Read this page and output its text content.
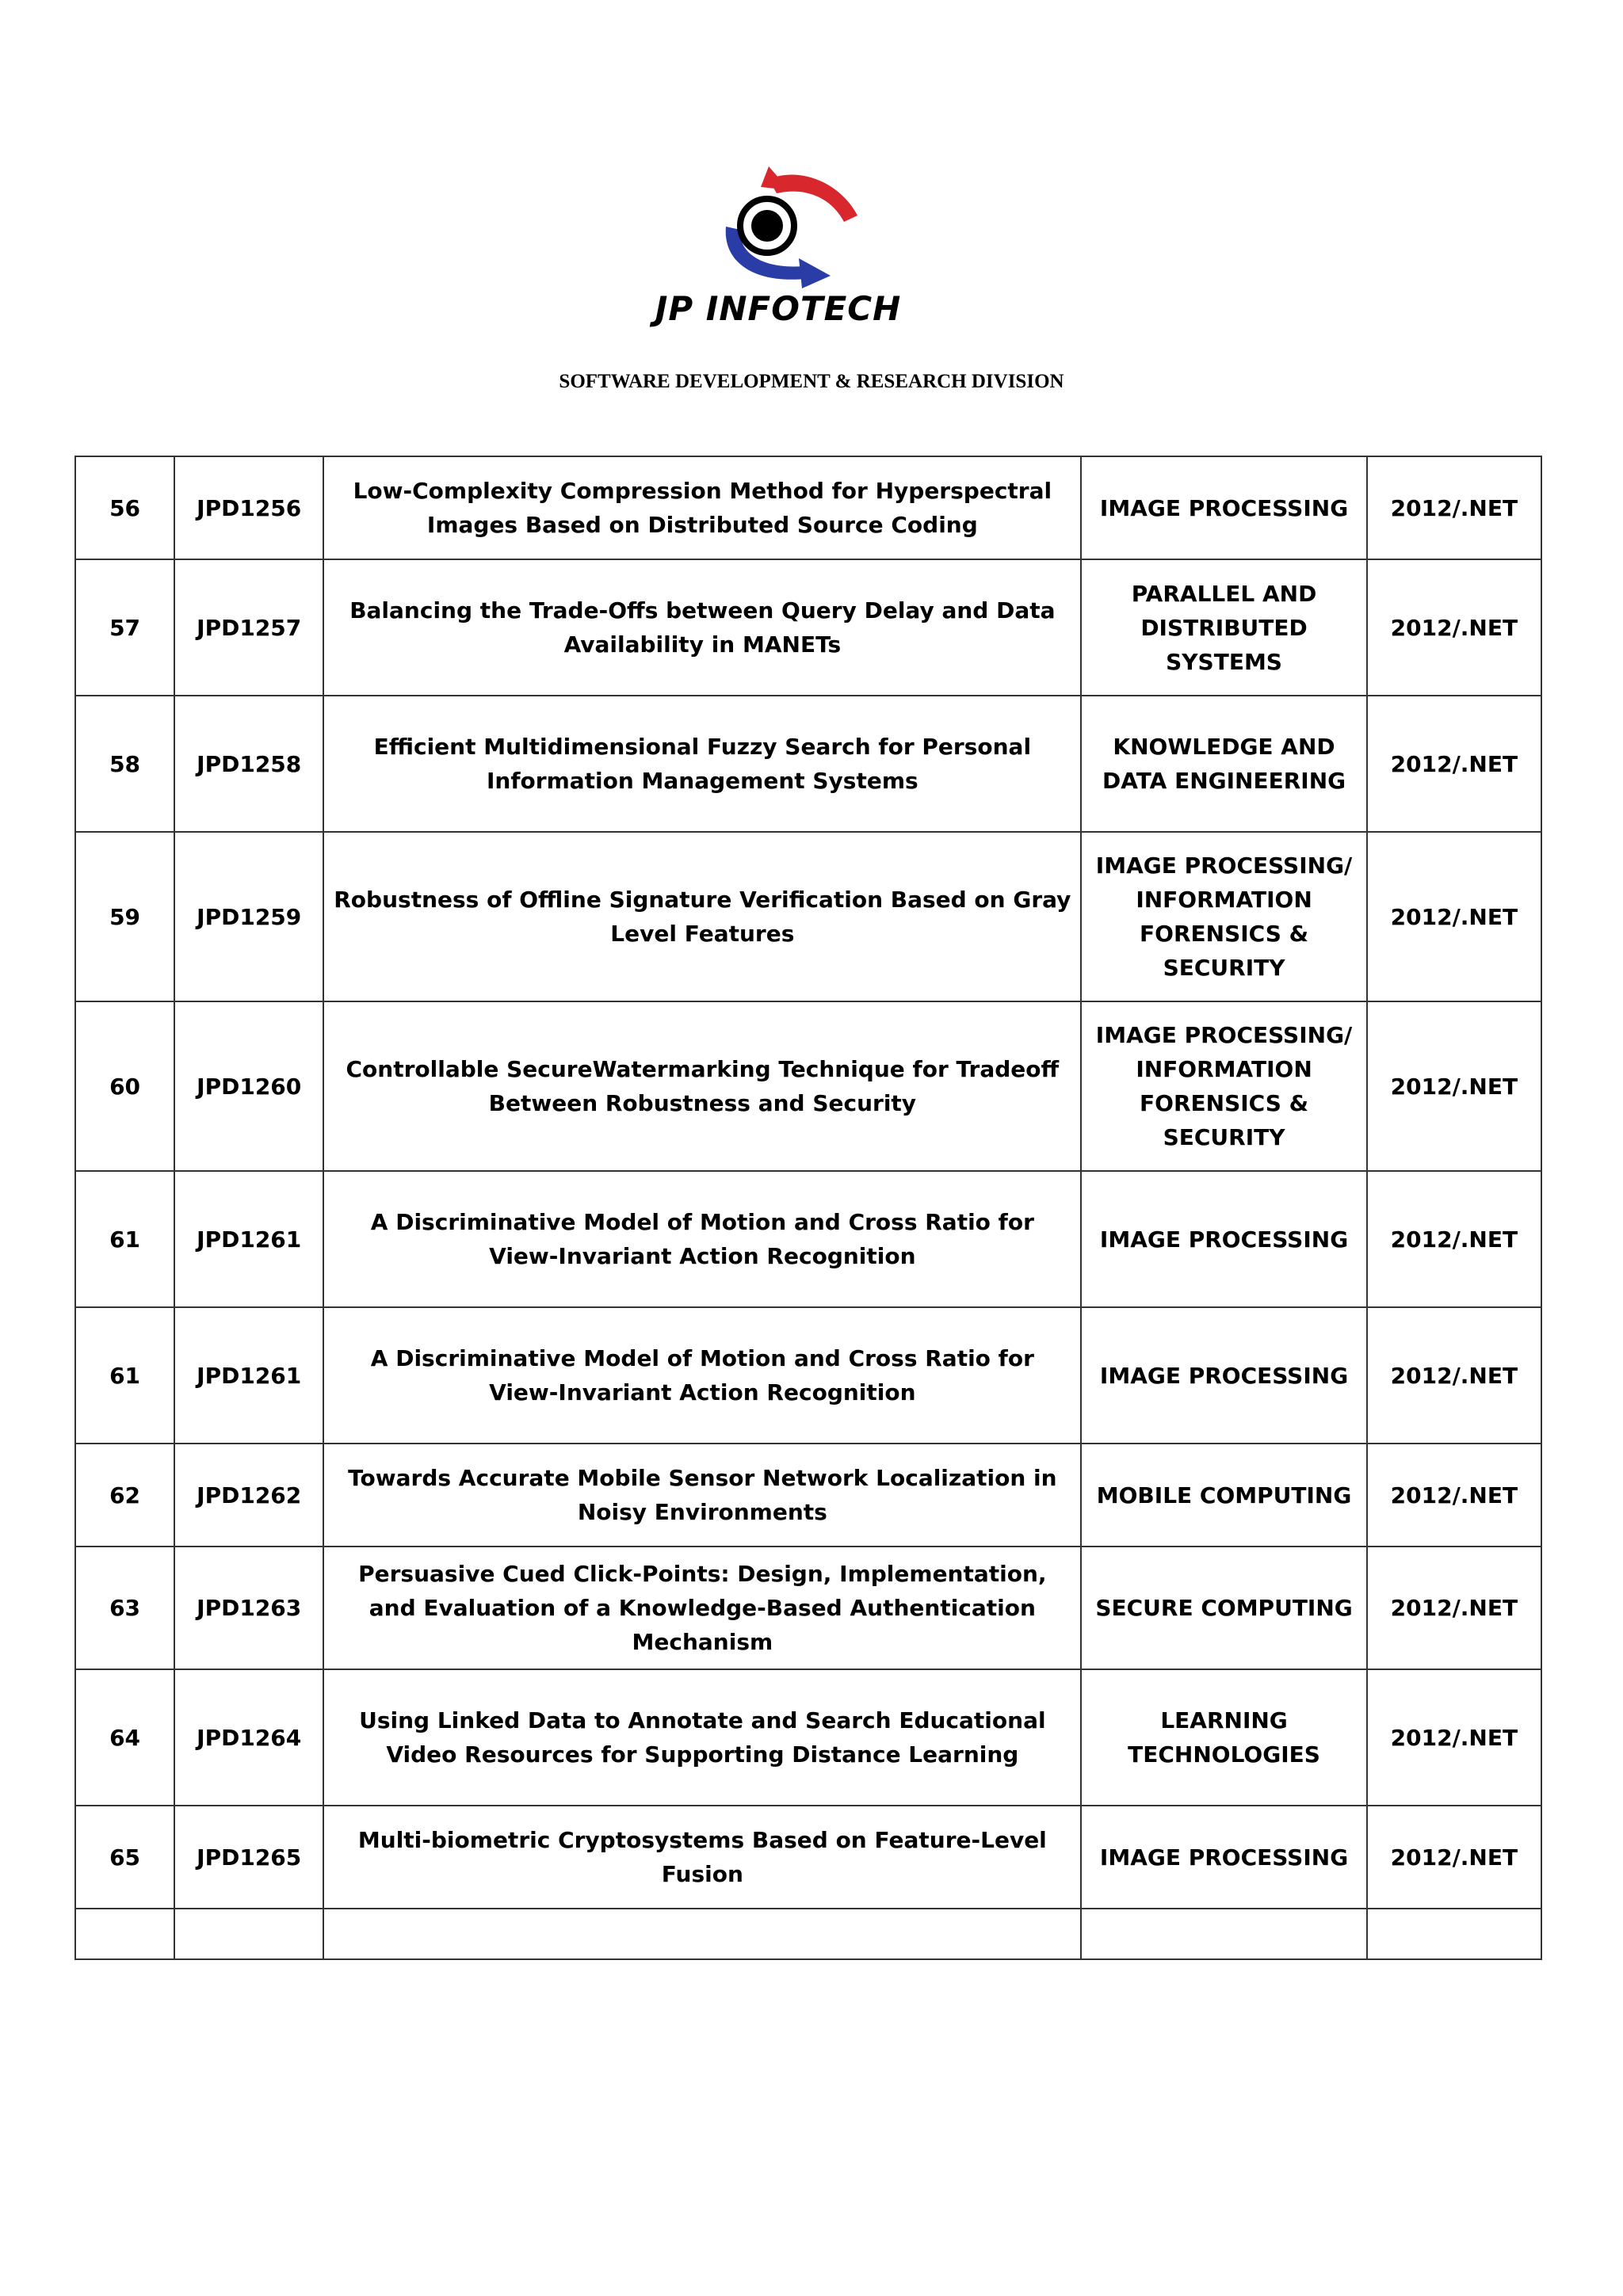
JP INFOTECH
SOFTWARE DEVELOPMENT & RESEARCH DIVISION
56	JPD1256	Low-Complexity Compression Method for Hyperspectral Images Based on Distributed Source Coding	IMAGE PROCESSING	2012/.NET

57	JPD1257	Balancing the Trade-Offs between Query Delay and Data Availability in MANETs	PARALLEL AND DISTRIBUTED SYSTEMS	2012/.NET

58	JPD1258	Efficient Multidimensional Fuzzy Search for Personal Information Management Systems	KNOWLEDGE AND DATA ENGINEERING	2012/.NET

59	JPD1259	Robustness of Offline Signature Verification Based on Gray Level Features	IMAGE PROCESSING/ INFORMATION FORENSICS & SECURITY	2012/.NET

60	JPD1260	Controllable SecureWatermarking Technique for Tradeoff Between Robustness and Security	IMAGE PROCESSING/ INFORMATION FORENSICS & SECURITY	2012/.NET

61	JPD1261	A Discriminative Model of Motion and Cross Ratio for View-Invariant Action Recognition	IMAGE PROCESSING	2012/.NET

61	JPD1261	A Discriminative Model of Motion and Cross Ratio for View-Invariant Action Recognition	IMAGE PROCESSING	2012/.NET

62	JPD1262	Towards Accurate Mobile Sensor Network Localization in Noisy Environments	MOBILE COMPUTING	2012/.NET

63	JPD1263	Persuasive Cued Click-Points: Design, Implementation, and Evaluation of a Knowledge-Based Authentication Mechanism	SECURE COMPUTING	2012/.NET

64	JPD1264	Using Linked Data to Annotate and Search Educational Video Resources for Supporting Distance Learning	LEARNING TECHNOLOGIES	2012/.NET

65	JPD1265	Multi-biometric Cryptosystems Based on Feature-Level Fusion	IMAGE PROCESSING	2012/.NET
